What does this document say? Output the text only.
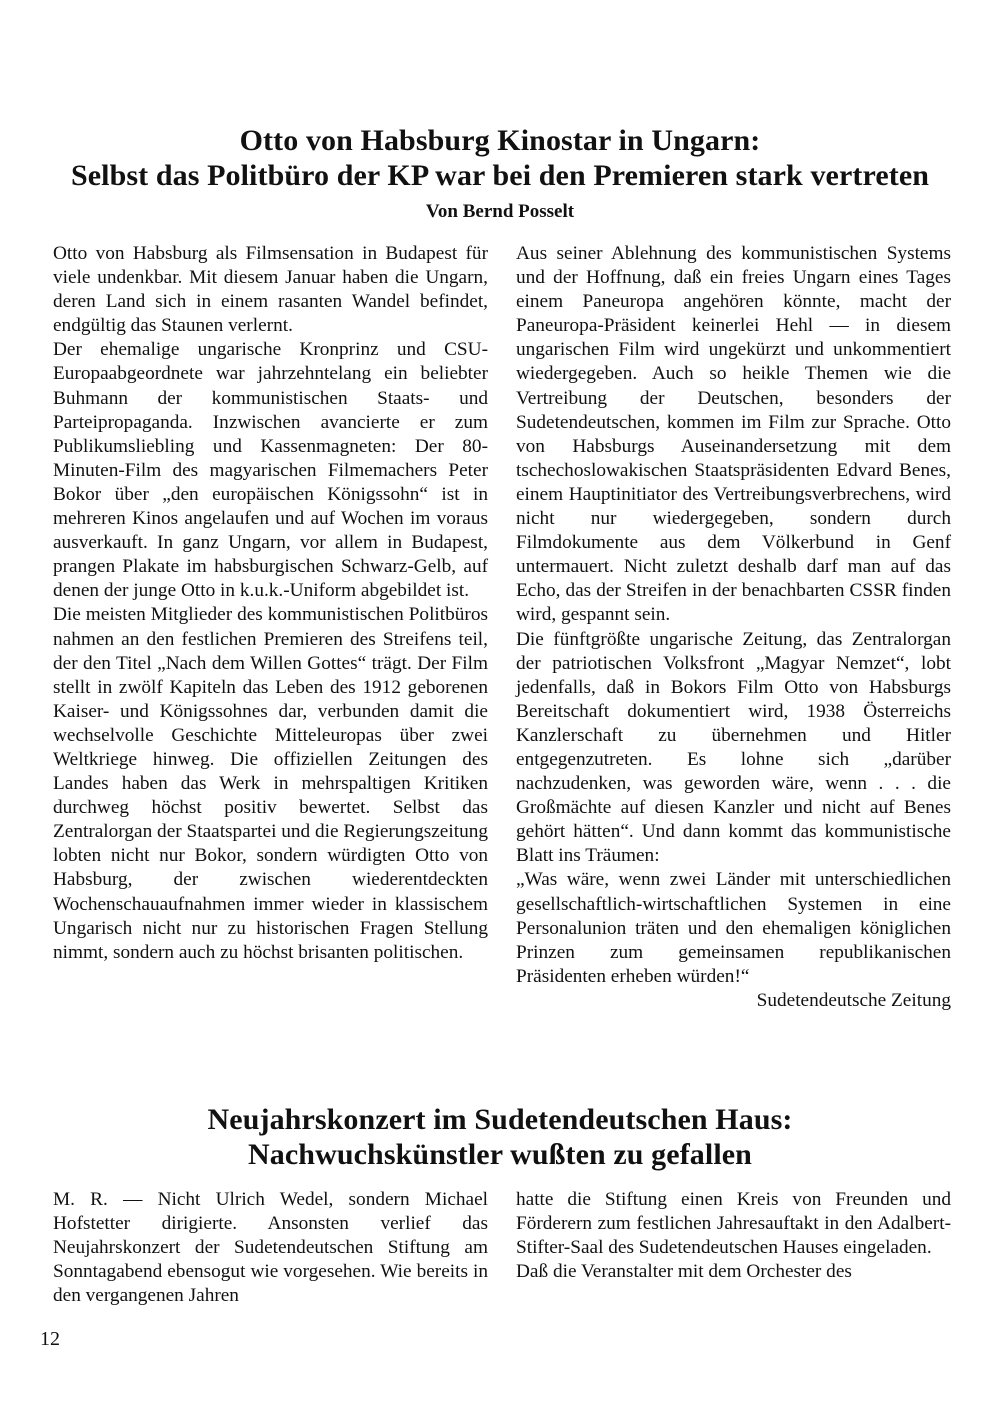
Otto von Habsburg Kinostar in Ungarn:
Selbst das Politbüro der KP war bei den Premieren stark vertreten
Von Bernd Posselt

Otto von Habsburg als Filmsensation in Budapest für viele undenkbar. Mit diesem Januar haben die Ungarn, deren Land sich in einem rasanten Wandel befindet, endgültig das Staunen verlernt.

Der ehemalige ungarische Kronprinz und CSU-Europaabgeordnete war jahrzehntelang ein beliebter Buhmann der kommunistischen Staats- und Parteipropaganda. Inzwischen avancierte er zum Publikumsliebling und Kassenmagneten: Der 80-Minuten-Film des magyarischen Filmemachers Peter Bokor über „den europäischen Königssohn“ ist in mehreren Kinos angelaufen und auf Wochen im voraus ausverkauft. In ganz Ungarn, vor allem in Budapest, prangen Plakate im habsburgischen Schwarz-Gelb, auf denen der junge Otto in k.u.k.-Uniform abgebildet ist.

Die meisten Mitglieder des kommunistischen Politbüros nahmen an den festlichen Premieren des Streifens teil, der den Titel „Nach dem Willen Gottes“ trägt. Der Film stellt in zwölf Kapiteln das Leben des 1912 geborenen Kaiser- und Königssohnes dar, verbunden damit die wechselvolle Geschichte Mitteleuropas über zwei Weltkriege hinweg. Die offiziellen Zeitungen des Landes haben das Werk in mehrspaltigen Kritiken durchweg höchst positiv bewertet. Selbst das Zentralorgan der Staatspartei und die Regierungszeitung lobten nicht nur Bokor, sondern würdigten Otto von Habsburg, der zwischen wiederentdeckten Wochenschauaufnahmen immer wieder in klassischem Ungarisch nicht nur zu historischen Fragen Stellung nimmt, sondern auch zu höchst brisanten politischen.

Aus seiner Ablehnung des kommunistischen Systems und der Hoffnung, daß ein freies Ungarn eines Tages einem Paneuropa angehören könnte, macht der Paneuropa-Präsident keinerlei Hehl — in diesem ungarischen Film wird ungekürzt und unkommentiert wiedergegeben. Auch so heikle Themen wie die Vertreibung der Deutschen, besonders der Sudetendeutschen, kommen im Film zur Sprache. Otto von Habsburgs Auseinandersetzung mit dem tschechoslowakischen Staatspräsidenten Edvard Benes, einem Hauptinitiator des Vertreibungsverbrechens, wird nicht nur wiedergegeben, sondern durch Filmdokumente aus dem Völkerbund in Genf untermauert. Nicht zuletzt deshalb darf man auf das Echo, das der Streifen in der benachbarten CSSR finden wird, gespannt sein.

Die fünftgrößte ungarische Zeitung, das Zentralorgan der patriotischen Volksfront „Magyar Nemzet“, lobt jedenfalls, daß in Bokors Film Otto von Habsburgs Bereitschaft dokumentiert wird, 1938 Österreichs Kanzlerschaft zu übernehmen und Hitler entgegenzutreten. Es lohne sich „darüber nachzudenken, was geworden wäre, wenn . . . die Großmächte auf diesen Kanzler und nicht auf Benes gehört hätten“. Und dann kommt das kommunistische Blatt ins Träumen:

„Was wäre, wenn zwei Länder mit unterschiedlichen gesellschaftlich-wirtschaftlichen Systemen in eine Personalunion träten und den ehemaligen königlichen Prinzen zum gemeinsamen republikanischen Präsidenten erheben würden!“

Sudetendeutsche Zeitung
Neujahrskonzert im Sudetendeutschen Haus:
Nachwuchskünstler wußten zu gefallen

M. R. — Nicht Ulrich Wedel, sondern Michael Hofstetter dirigierte. Ansonsten verlief das Neujahrskonzert der Sudetendeutschen Stiftung am Sonntagabend ebensogut wie vorgesehen. Wie bereits in den vergangenen Jahren

hatte die Stiftung einen Kreis von Freunden und Förderern zum festlichen Jahresauftakt in den Adalbert-Stifter-Saal des Sudetendeutschen Hauses eingeladen.

Daß die Veranstalter mit dem Orchester des

12
